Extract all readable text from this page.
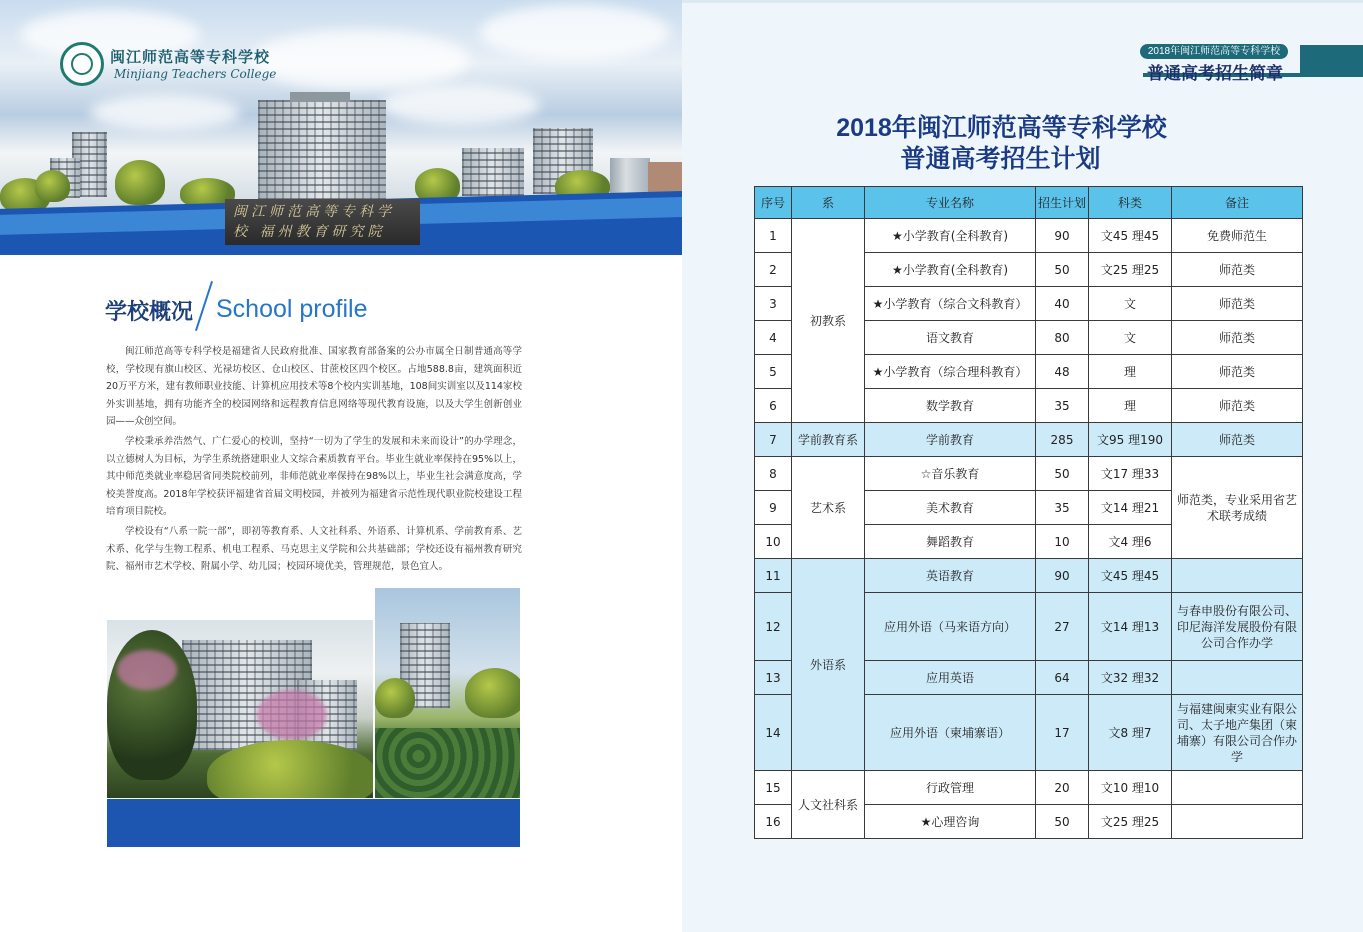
闽江师范高等专科学校 福州教育研究院
闽江师范高等专科学校
Minjiang Teachers College
学校概况 School profile

闽江师范高等专科学校是福建省人民政府批准、国家教育部备案的公办市属全日制普通高等学校，学校现有旗山校区、光禄坊校区、仓山校区、甘蔗校区四个校区。占地588.8亩，建筑面积近20万平方米，建有教师职业技能、计算机应用技术等8个校内实训基地，108间实训室以及114家校外实训基地，拥有功能齐全的校园网络和远程教育信息网络等现代教育设施，以及大学生创新创业园——众创空间。

学校秉承养浩然气、广仁爱心的校训，坚持“一切为了学生的发展和未来而设计”的办学理念，以立德树人为目标，为学生系统搭建职业人文综合素质教育平台。毕业生就业率保持在95%以上，其中师范类就业率稳居省同类院校前列，非师范就业率保持在98%以上，毕业生社会满意度高，学校美誉度高。2018年学校获评福建省首届文明校园，并被列为福建省示范性现代职业院校建设工程培育项目院校。

学校设有“八系一院一部”，即初等教育系、人文社科系、外语系、计算机系、学前教育系、艺术系、化学与生物工程系、机电工程系、马克思主义学院和公共基础部；学校还设有福州教育研究院、福州市艺术学校、附属小学、幼儿园；校园环境优美，管理规范，景色宜人。

2018年闽江师范高等专科学校
普通高考招生简章
2018年闽江师范高等专科学校
普通高考招生计划
序号	系	专业名称	招生计划	科类	备注
1	初教系	★小学教育(全科教育)	90	文45 理45	免费师范生
2		★小学教育(全科教育)	50	文25 理25	师范类
3		★小学教育（综合文科教育）	40	文	师范类
4		语文教育	80	文	师范类
5		★小学教育（综合理科教育）	48	理	师范类
6		数学教育	35	理	师范类
7	学前教育系	学前教育	285	文95 理190	师范类
8	艺术系	☆音乐教育	50	文17 理33	师范类，专业采用省艺术联考成绩
9		美术教育	35	文14 理21	
10		舞蹈教育	10	文4 理6	
11	外语系	英语教育	90	文45 理45	
12		应用外语（马来语方向）	27	文14 理13	与春申股份有限公司、印尼海洋发展股份有限公司合作办学
13		应用英语	64	文32 理32	
14		应用外语（柬埔寨语）	17	文8 理7	与福建闽柬实业有限公司、太子地产集团（柬埔寨）有限公司合作办学
15	人文社科系	行政管理	20	文10 理10	
16		★心理咨询	50	文25 理25	
